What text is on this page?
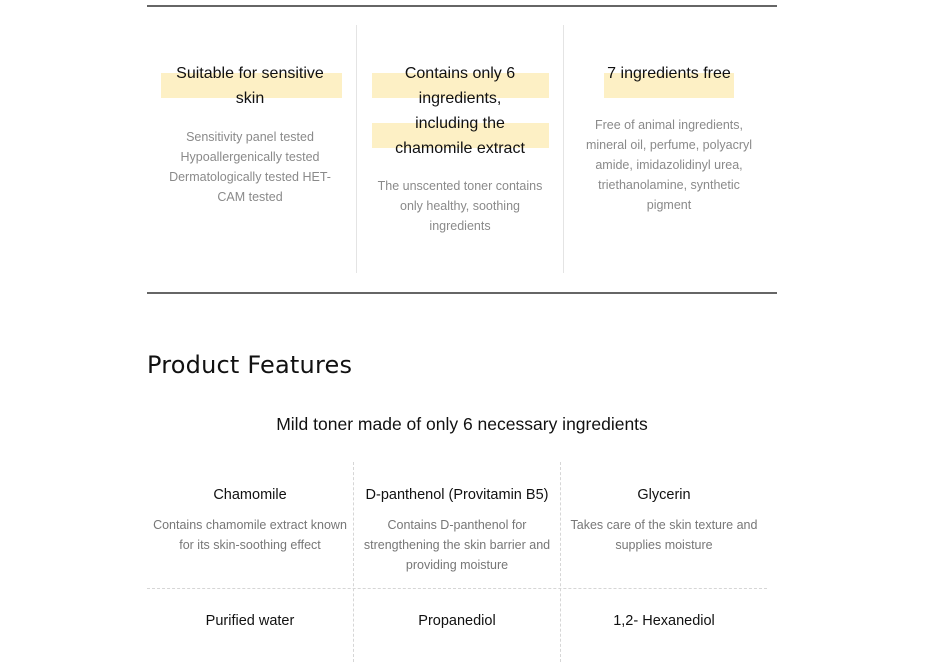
Suitable for sensitive
skin

Sensitivity panel tested
Hypoallergenically tested
Dermatologically tested HET-
CAM tested

Contains only 6
ingredients,
including the
chamomile extract

The unscented toner contains
only healthy, soothing
ingredients

7 ingredients free

Free of animal ingredients,
mineral oil, perfume, polyacryl
amide, imidazolidinyl urea,
triethanolamine, synthetic
pigment

Product Features
Mild toner made of only 6 necessary ingredients

Chamomile

Contains chamomile extract known
for its skin-soothing effect

D-panthenol (Provitamin B5)

Contains D-panthenol for
strengthening the skin barrier and
providing moisture

Glycerin

Takes care of the skin texture and
supplies moisture

Purified water	Propanediol	1,2- Hexanediol
